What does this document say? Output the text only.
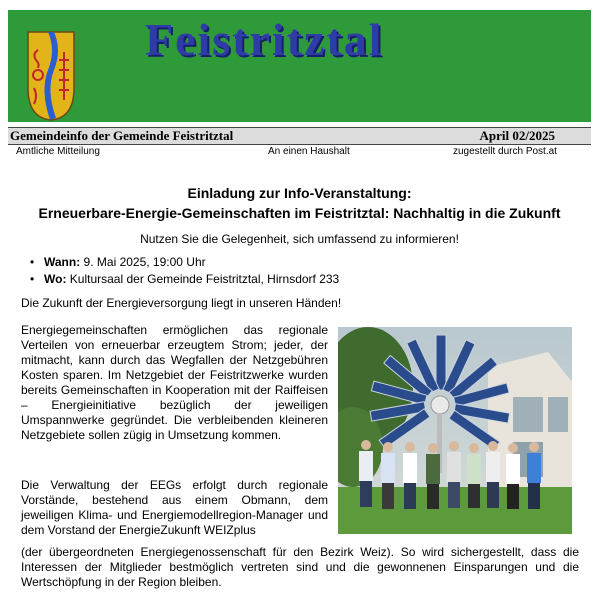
Feistritztal
Gemeindeinfo der Gemeinde Feistritztal	April 02/2025
Amtliche Mitteilung	An einen Haushalt	zugestellt durch Post.at
Einladung zur Info-Veranstaltung:
Erneuerbare-Energie-Gemeinschaften im Feistritztal: Nachhaltig in die Zukunft
Nutzen Sie die Gelegenheit, sich umfassend zu informieren!
• Wann: 9. Mai 2025, 19:00 Uhr
• Wo: Kultursaal der Gemeinde Feistritztal, Hirnsdorf 233
Die Zukunft der Energieversorgung liegt in unseren Händen!
Energiegemeinschaften ermöglichen das regionale Verteilen von erneuerbar erzeugtem Strom; jeder, der mitmacht, kann durch das Wegfallen der Netzgebühren Kosten sparen. Im Netzgebiet der Feistritzwerke wurden bereits Gemeinschaften in Kooperation mit der Raiffeisen – Energieinitiative bezüglich der jeweiligen Umspannwerke gegründet. Die verbleibenden kleineren Netzgebiete sollen zügig in Umsetzung kommen.
Die Verwaltung der EEGs erfolgt durch regionale Vorstände, bestehend aus einem Obmann, dem jeweiligen Klima- und Energiemodellregion-Manager und dem Vorstand der EnergieZukunft WEIZplus
(der übergeordneten Energiegenossenschaft für den Bezirk Weiz). So wird sichergestellt, dass die Interessen der Mitglieder bestmöglich vertreten sind und die gewonnenen Einsparungen und die Wertschöpfung in der Region bleiben.
